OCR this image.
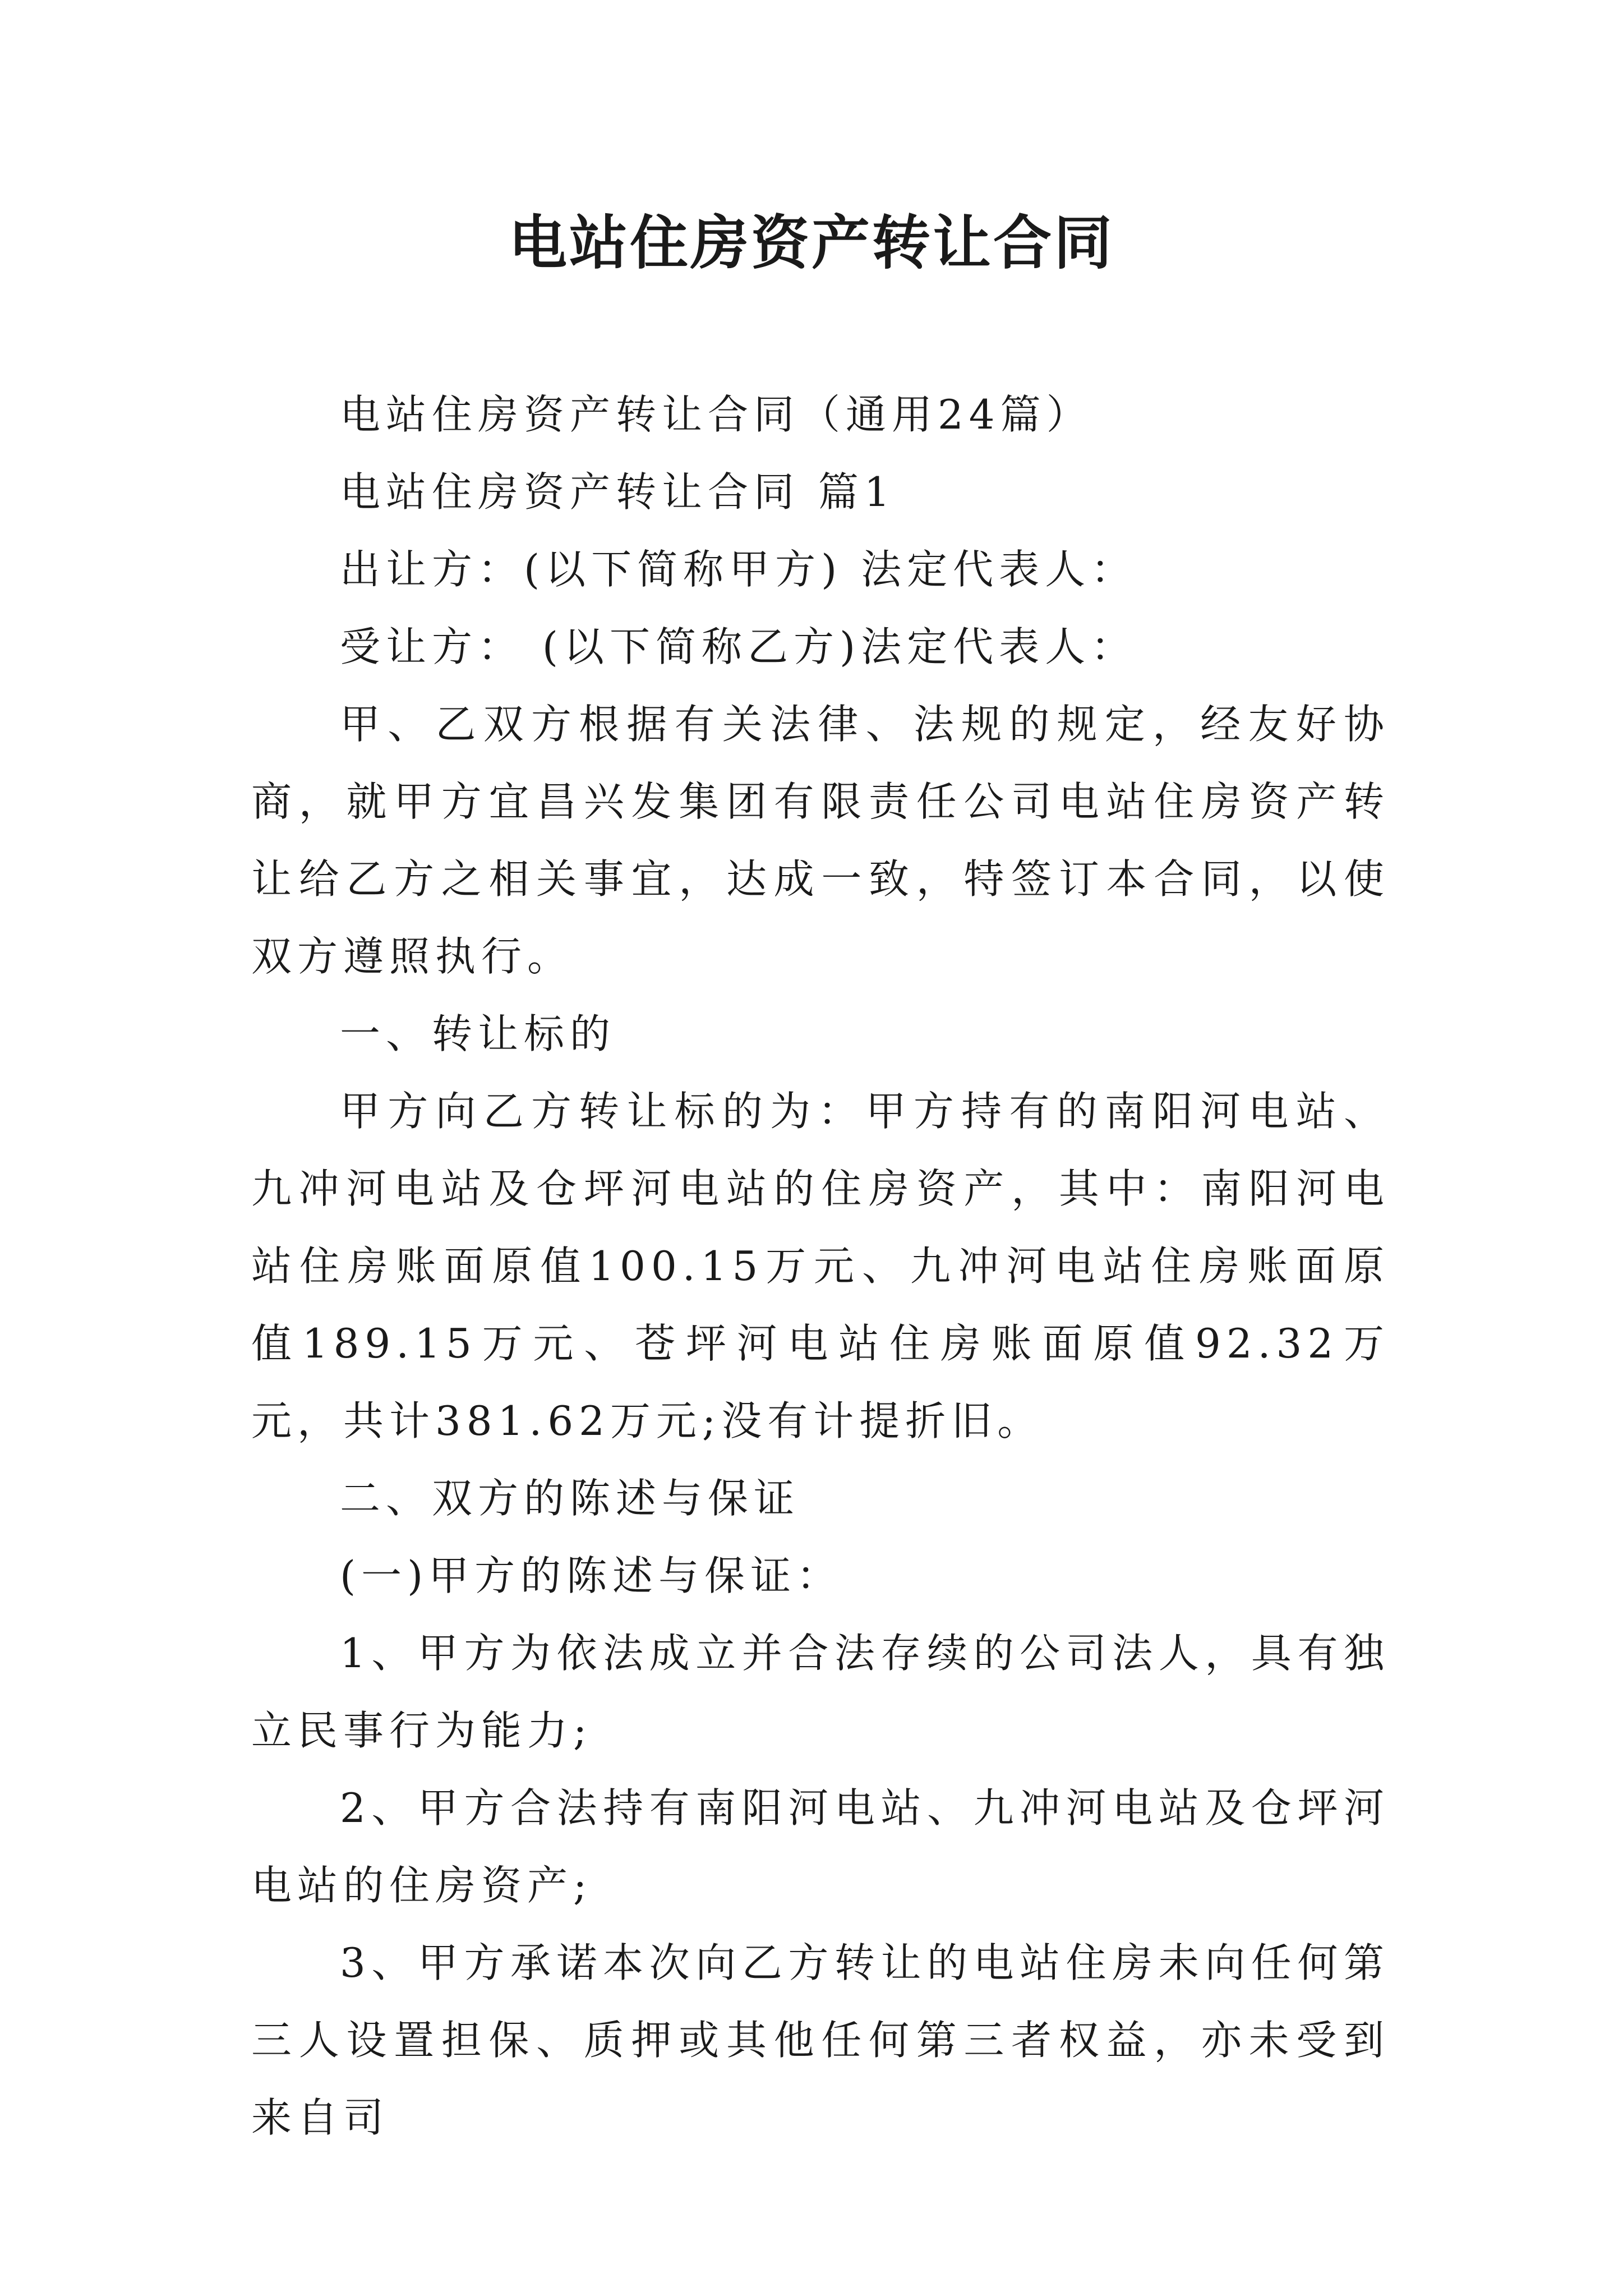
电站住房资产转让合同

电站住房资产转让合同（通用24篇）

电站住房资产转让合同 篇1

出让方：(以下简称甲方) 法定代表人：

受让方： (以下简称乙方)法定代表人：

甲、乙双方根据有关法律、法规的规定，经友好协商，就甲方宜昌兴发集团有限责任公司电站住房资产转让给乙方之相关事宜，达成一致，特签订本合同，以使双方遵照执行。

一、转让标的

甲方向乙方转让标的为：甲方持有的南阳河电站、九冲河电站及仓坪河电站的住房资产，其中：南阳河电站住房账面原值100.15万元、九冲河电站住房账面原值189.15万元、苍坪河电站住房账面原值92.32万元，共计381.62万元;没有计提折旧。

二、双方的陈述与保证

(一)甲方的陈述与保证：

1、甲方为依法成立并合法存续的公司法人，具有独立民事行为能力;

2、甲方合法持有南阳河电站、九冲河电站及仓坪河电站的住房资产;

3、甲方承诺本次向乙方转让的电站住房未向任何第三人设置担保、质押或其他任何第三者权益，亦未受到来自司
